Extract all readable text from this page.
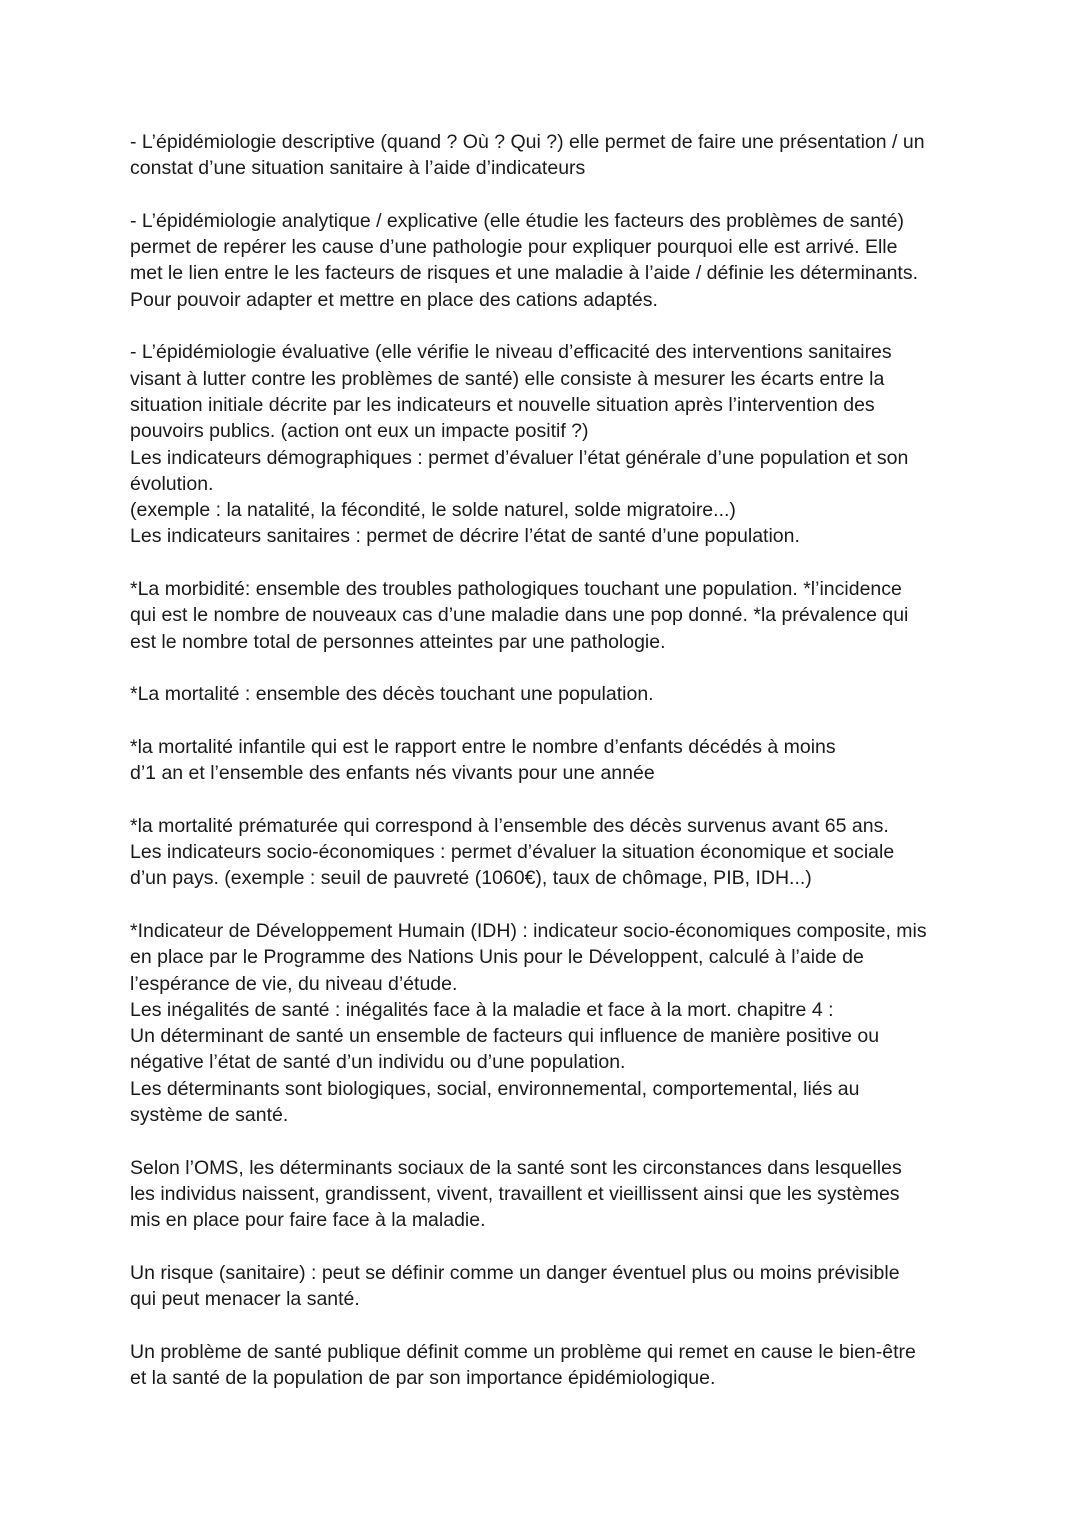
- L’épidémiologie descriptive (quand ? Où ? Qui ?) elle permet de faire une présentation / un
constat d’une situation sanitaire à l’aide d’indicateurs

- L’épidémiologie analytique / explicative (elle étudie les facteurs des problèmes de santé)
permet de repérer les cause d’une pathologie pour expliquer pourquoi elle est arrivé. Elle
met le lien entre le les facteurs de risques et une maladie à l’aide / définie les déterminants.
Pour pouvoir adapter et mettre en place des cations adaptés.

- L’épidémiologie évaluative (elle vérifie le niveau d’efficacité des interventions sanitaires
visant à lutter contre les problèmes de santé) elle consiste à mesurer les écarts entre la
situation initiale décrite par les indicateurs et nouvelle situation après l’intervention des
pouvoirs publics. (action ont eux un impacte positif ?)
Les indicateurs démographiques : permet d’évaluer l’état générale d’une population et son
évolution.
(exemple : la natalité, la fécondité, le solde naturel, solde migratoire...)
Les indicateurs sanitaires : permet de décrire l’état de santé d’une population.

*La morbidité: ensemble des troubles pathologiques touchant une population. *l’incidence
qui est le nombre de nouveaux cas d’une maladie dans une pop donné. *la prévalence qui
est le nombre total de personnes atteintes par une pathologie.

*La mortalité : ensemble des décès touchant une population.

*la mortalité infantile qui est le rapport entre le nombre d’enfants décédés à moins
d’1 an et l’ensemble des enfants nés vivants pour une année

*la mortalité prématurée qui correspond à l’ensemble des décès survenus avant 65 ans.
Les indicateurs socio-économiques : permet d’évaluer la situation économique et sociale
d’un pays. (exemple : seuil de pauvreté (1060€), taux de chômage, PIB, IDH...)

*Indicateur de Développement Humain (IDH) : indicateur socio-économiques composite, mis
en place par le Programme des Nations Unis pour le Développent, calculé à l’aide de
l’espérance de vie, du niveau d’étude.
Les inégalités de santé : inégalités face à la maladie et face à la mort. chapitre 4 :
Un déterminant de santé un ensemble de facteurs qui influence de manière positive ou
négative l’état de santé d’un individu ou d’une population.
Les déterminants sont biologiques, social, environnemental, comportemental, liés au
système de santé.

Selon l’OMS, les déterminants sociaux de la santé sont les circonstances dans lesquelles
les individus naissent, grandissent, vivent, travaillent et vieillissent ainsi que les systèmes
mis en place pour faire face à la maladie.

Un risque (sanitaire) : peut se définir comme un danger éventuel plus ou moins prévisible
qui peut menacer la santé.

Un problème de santé publique définit comme un problème qui remet en cause le bien-être
et la santé de la population de par son importance épidémiologique.
